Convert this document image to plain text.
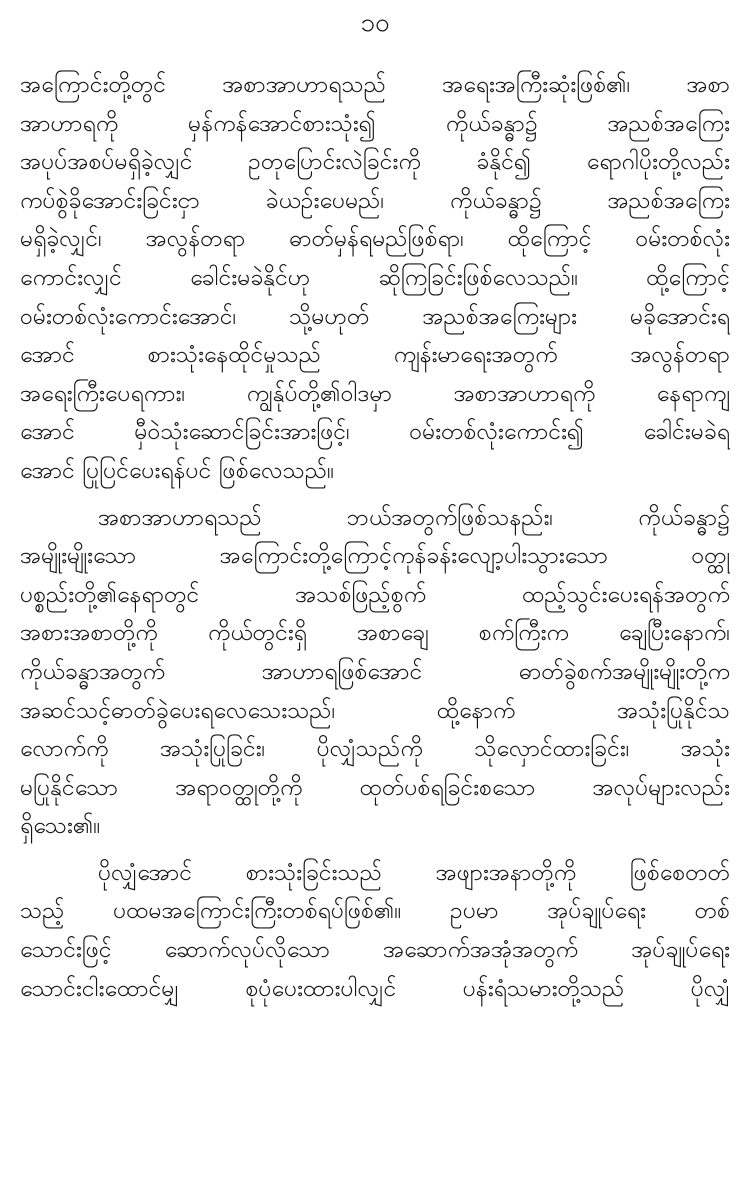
၁၀
အကြောင်းတို့တွင် အစာအာဟာရသည် အရေးအကြီးဆုံးဖြစ်၏၊ အစာ
အာဟာရကို မှန်ကန်အောင်စားသုံး၍ ကိုယ်ခန္ဓာ၌ အညစ်အကြေး
အပုပ်အစပ်မရှိခဲ့လျှင် ဥတုပြောင်းလဲခြင်းကို ခံနိုင်၍ ရောဂါပိုးတို့လည်း
ကပ်စွဲခိုအောင်းခြင်းငှာ ခဲယဉ်းပေမည်၊ ကိုယ်ခန္ဓာ၌ အညစ်အကြေး
မရှိခဲ့လျှင်၊ အလွန်တရာ ဓာတ်မှန်ရမည်ဖြစ်ရာ၊ ထိုကြောင့် ဝမ်းတစ်လုံး
ကောင်းလျှင် ခေါင်းမခဲနိုင်ဟု ဆိုကြခြင်းဖြစ်လေသည်။ ထို့ကြောင့်
ဝမ်းတစ်လုံးကောင်းအောင်၊ သို့မဟုတ် အညစ်အကြေးများ မခိုအောင်းရ
အောင် စားသုံးနေထိုင်မှုသည် ကျန်းမာရေးအတွက် အလွန်တရာ
အရေးကြီးပေရကား၊ ကျွန်ုပ်တို့၏ဝါဒမှာ အစာအာဟာရကို နေရာကျ
အောင် မှီဝဲသုံးဆောင်ခြင်းအားဖြင့်၊ ဝမ်းတစ်လုံးကောင်း၍ ခေါင်းမခဲရ
အောင် ပြုပြင်ပေးရန်ပင် ဖြစ်လေသည်။
အစာအာဟာရသည် ဘယ်အတွက်ဖြစ်သနည်း၊ ကိုယ်ခန္ဓာ၌
အမျိုးမျိုးသော အကြောင်းတို့ကြောင့်ကုန်ခန်းလျော့ပါးသွားသော ဝတ္ထု
ပစ္စည်းတို့၏နေရာတွင် အသစ်ဖြည့်စွက် ထည့်သွင်းပေးရန်အတွက်
အစားအစာတို့ကို ကိုယ်တွင်းရှိ အစာချေ စက်ကြီးက ချေပြီးနောက်၊
ကိုယ်ခန္ဓာအတွက် အာဟာရဖြစ်အောင် ဓာတ်ခွဲစက်အမျိုးမျိုးတို့က
အဆင်သင့်ဓာတ်ခွဲပေးရလေသေးသည်၊ ထို့နောက် အသုံးပြုနိုင်သ
လောက်ကို အသုံးပြုခြင်း၊ ပိုလျှံသည်ကို သိုလှောင်ထားခြင်း၊ အသုံး
မပြုနိုင်သော အရာဝတ္ထုတို့ကို ထုတ်ပစ်ရခြင်းစသော အလုပ်များလည်း
ရှိသေး၏။
ပိုလျှံအောင် စားသုံးခြင်းသည် အဖျားအနာတို့ကို ဖြစ်စေတတ်
သည့် ပထမအကြောင်းကြီးတစ်ရပ်ဖြစ်၏။ ဥပမာ အုပ်ချုပ်ရေး တစ်
သောင်းဖြင့် ဆောက်လုပ်လိုသော အဆောက်အအုံအတွက် အုပ်ချုပ်ရေး
သောင်းငါးထောင်မျှ စုပုံပေးထားပါလျှင် ပန်းရံသမားတို့သည် ပိုလျှံ
